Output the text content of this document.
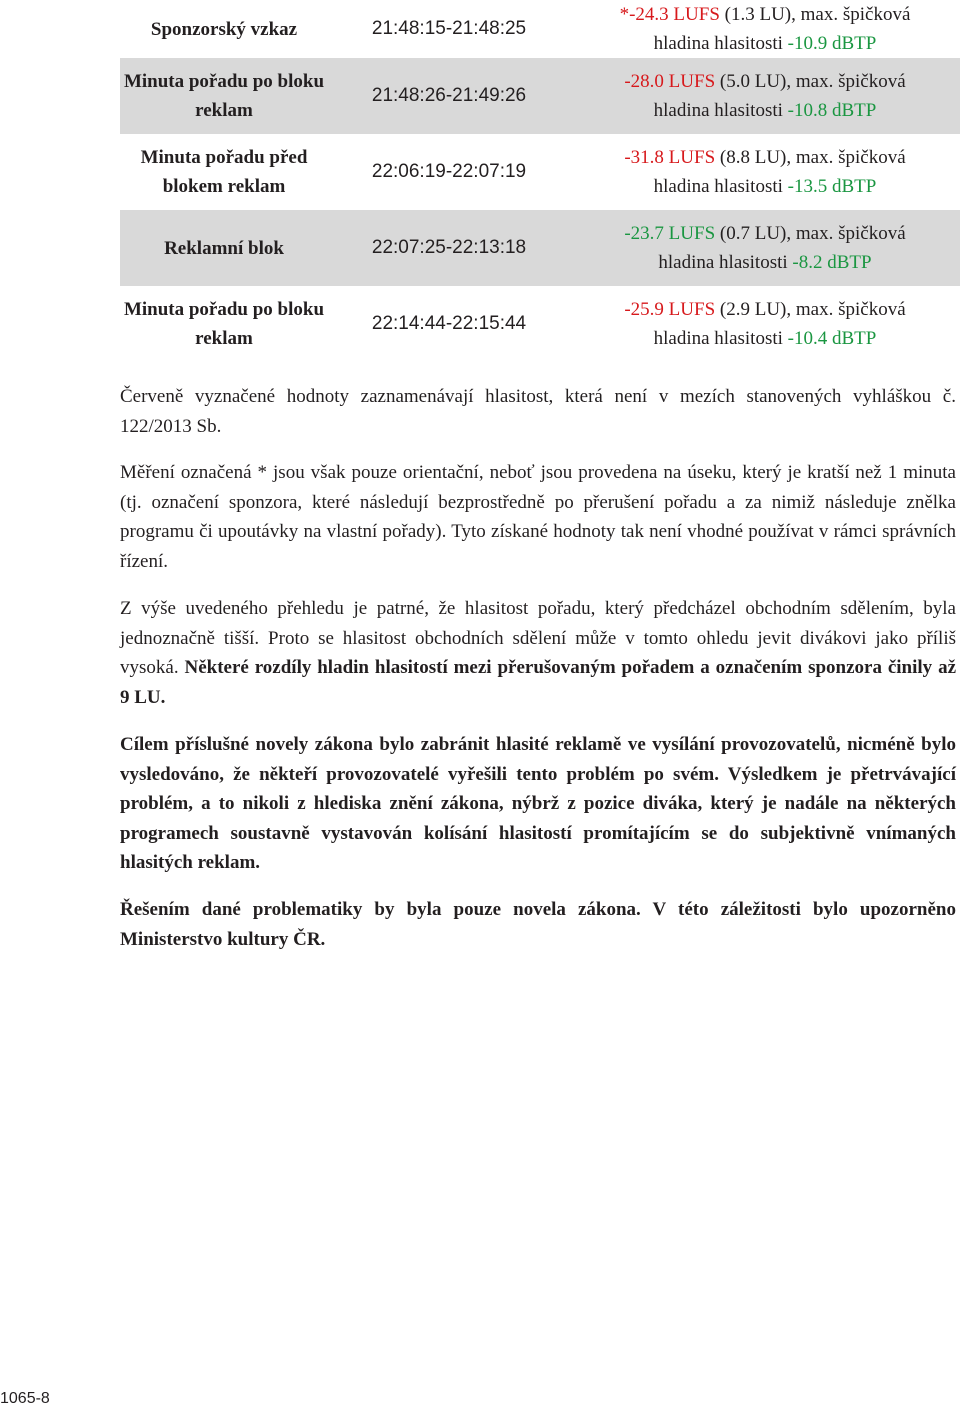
Sponzorský vzkaz	21:48:15-21:48:25
*-24.3 LUFS (1.3 LU), max. špičková
hladina hlasitosti -10.9 dBTP
Minuta pořadu po bloku reklam
21:48:26-21:49:26
-28.0 LUFS (5.0 LU), max. špičková
hladina hlasitosti -10.8 dBTP
Minuta pořadu před blokem reklam
22:06:19-22:07:19
-31.8 LUFS (8.8 LU), max. špičková
hladina hlasitosti -13.5 dBTP
Reklamní blok	22:07:25-22:13:18
-23.7 LUFS (0.7 LU), max. špičková
hladina hlasitosti -8.2 dBTP
Minuta pořadu po bloku reklam
22:14:44-22:15:44
-25.9 LUFS (2.9 LU), max. špičková
hladina hlasitosti -10.4 dBTP

Červeně vyznačené hodnoty zaznamenávají hlasitost, která není v mezích stanovených vyhláškou č. 122/2013 Sb.

Měření označená * jsou však pouze orientační, neboť jsou provedena na úseku, který je kratší než 1 minuta (tj. označení sponzora, které následují bezprostředně po přerušení pořadu a za nimiž následuje znělka programu či upoutávky na vlastní pořady). Tyto získané hodnoty tak není vhodné používat v rámci správních řízení.

Z výše uvedeného přehledu je patrné, že hlasitost pořadu, který předcházel obchodním sdělením, byla jednoznačně tišší. Proto se hlasitost obchodních sdělení může v tomto ohledu jevit divákovi jako příliš vysoká. Některé rozdíly hladin hlasitostí mezi přerušovaným pořadem a označením sponzora činily až 9 LU.

Cílem příslušné novely zákona bylo zabránit hlasité reklamě ve vysílání provozovatelů, nicméně bylo vysledováno, že někteří provozovatelé vyřešili tento problém po svém. Výsledkem je přetrvávající problém, a to nikoli z hlediska znění zákona, nýbrž z pozice diváka, který je nadále na některých programech soustavně vystavován kolísání hlasitostí promítajícím se do subjektivně vnímaných hlasitých reklam.

Řešením dané problematiky by byla pouze novela zákona. V této záležitosti bylo upozorněno Ministerstvo kultury ČR.

1065-8
